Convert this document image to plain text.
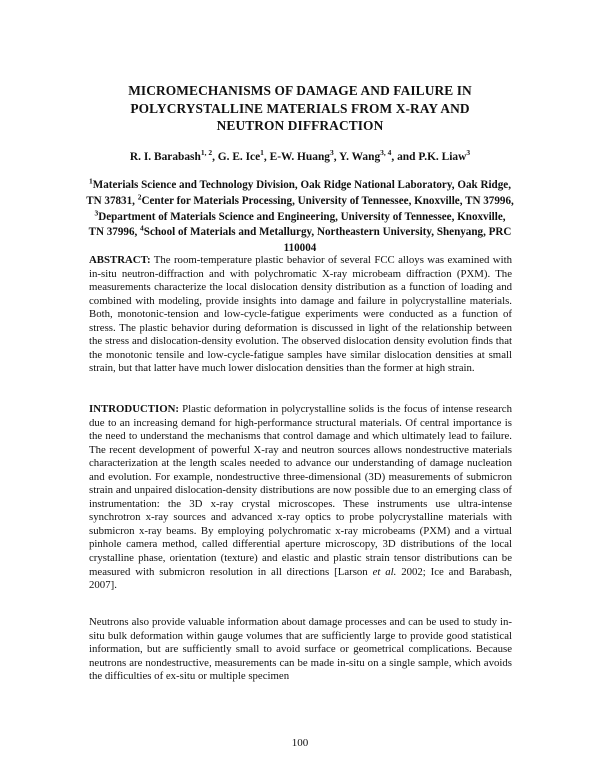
MICROMECHANISMS OF DAMAGE AND FAILURE IN POLYCRYSTALLINE MATERIALS FROM X-RAY AND NEUTRON DIFFRACTION
R. I. Barabash$^{1, 2}$, G. E. Ice$^1$, E-W. Huang$^3$, Y. Wang$^{3, 4}$, and P.K. Liaw$^3$
$^1$Materials Science and Technology Division, Oak Ridge National Laboratory, Oak Ridge, TN 37831, $^2$Center for Materials Processing, University of Tennessee, Knoxville, TN 37996, $^3$Department of Materials Science and Engineering, University of Tennessee, Knoxville, TN 37996, $^4$School of Materials and Metallurgy, Northeastern University, Shenyang, PRC 110004
ABSTRACT: The room-temperature plastic behavior of several FCC alloys was examined with in-situ neutron-diffraction and with polychromatic X-ray microbeam diffraction (PXM). The measurements characterize the local dislocation density distribution as a function of loading and combined with modeling, provide insights into damage and failure in polycrystalline materials. Both, monotonic-tension and low-cycle-fatigue experiments were conducted as a function of stress. The plastic behavior during deformation is discussed in light of the relationship between the stress and dislocation-density evolution. The observed dislocation density evolution finds that the monotonic tensile and low-cycle-fatigue samples have similar dislocation densities at small strain, but that latter have much lower dislocation densities than the former at high strain.
INTRODUCTION: Plastic deformation in polycrystalline solids is the focus of intense research due to an increasing demand for high-performance structural materials. Of central importance is the need to understand the mechanisms that control damage and which ultimately lead to failure. The recent development of powerful X-ray and neutron sources allows nondestructive materials characterization at the length scales needed to advance our understanding of damage nucleation and evolution. For example, nondestructive three-dimensional (3D) measurements of submicron strain and unpaired dislocation-density distributions are now possible due to an emerging class of instrumentation: the 3D x-ray crystal microscopes. These instruments use ultra-intense synchrotron x-ray sources and advanced x-ray optics to probe polycrystalline materials with submicron x-ray beams. By employing polychromatic x-ray microbeams (PXM) and a virtual pinhole camera method, called differential aperture microscopy, 3D distributions of the local crystalline phase, orientation (texture) and elastic and plastic strain tensor distributions can be measured with submicron resolution in all directions [Larson et al. 2002; Ice and Barabash, 2007].
Neutrons also provide valuable information about damage processes and can be used to study in-situ bulk deformation within gauge volumes that are sufficiently large to provide good statistical information, but are sufficiently small to avoid surface or geometrical complications. Because neutrons are nondestructive, measurements can be made in-situ on a single sample, which avoids the difficulties of ex-situ or multiple specimen
100
